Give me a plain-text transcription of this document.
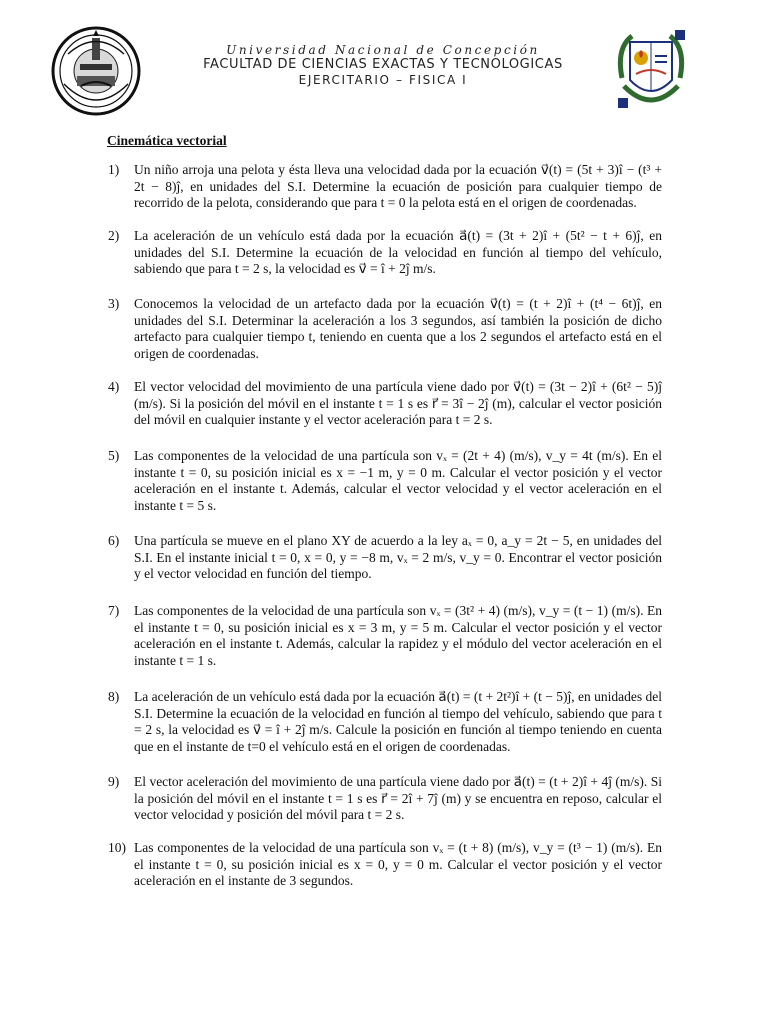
Universidad Nacional de Concepción
FACULTAD DE CIENCIAS EXACTAS Y TECNOLOGICAS
EJERCITARIO – FISICA I
Cinemática vectorial
1)	Un niño arroja una pelota y ésta lleva una velocidad dada por la ecuación v⃗(t) = (5t + 3)î − (t³ + 2t − 8)ĵ, en unidades del S.I. Determine la ecuación de posición para cualquier tiempo de recorrido de la pelota, considerando que para t = 0 la pelota está en el origen de coordenadas.
2)	La aceleración de un vehículo está dada por la ecuación a⃗(t) = (3t + 2)î + (5t² − t + 6)ĵ, en unidades del S.I. Determine la ecuación de la velocidad en función al tiempo del vehículo, sabiendo que para t = 2 s, la velocidad es v⃗ = î + 2ĵ m/s.
3)	Conocemos la velocidad de un artefacto dada por la ecuación v⃗(t) = (t + 2)î + (t⁴ − 6t)ĵ, en unidades del S.I. Determinar la aceleración a los 3 segundos, así también la posición de dicho artefacto para cualquier tiempo t, teniendo en cuenta que a los 2 segundos el artefacto está en el origen de coordenadas.
4)	El vector velocidad del movimiento de una partícula viene dado por v⃗(t) = (3t − 2)î + (6t² − 5)ĵ (m/s). Si la posición del móvil en el instante t = 1 s es r⃗ = 3î − 2ĵ (m), calcular el vector posición del móvil en cualquier instante y el vector aceleración para t = 2 s.
5)	Las componentes de la velocidad de una partícula son vₓ = (2t + 4) (m/s), v_y = 4t (m/s). En el instante t = 0, su posición inicial es x = −1 m, y = 0 m. Calcular el vector posición y el vector aceleración en el instante t. Además, calcular el vector velocidad y el vector aceleración en el instante t = 5 s.
6)	Una partícula se mueve en el plano XY de acuerdo a la ley aₓ = 0, a_y = 2t − 5, en unidades del S.I. En el instante inicial t = 0, x = 0, y = −8 m, vₓ = 2 m/s, v_y = 0. Encontrar el vector posición y el vector velocidad en función del tiempo.
7)	Las componentes de la velocidad de una partícula son vₓ = (3t² + 4) (m/s), v_y = (t − 1) (m/s). En el instante t = 0, su posición inicial es x = 3 m, y = 5 m. Calcular el vector posición y el vector aceleración en el instante t. Además, calcular la rapidez y el módulo del vector aceleración en el instante t = 1 s.
8)	La aceleración de un vehículo está dada por la ecuación a⃗(t) = (t + 2t²)î + (t − 5)ĵ, en unidades del S.I. Determine la ecuación de la velocidad en función al tiempo del vehículo, sabiendo que para t = 2 s, la velocidad es v⃗ = î + 2ĵ m/s. Calcule la posición en función al tiempo teniendo en cuenta que en el instante de t=0 el vehículo está en el origen de coordenadas.
9)	El vector aceleración del movimiento de una partícula viene dado por a⃗(t) = (t + 2)î + 4ĵ (m/s). Si la posición del móvil en el instante t = 1 s es r⃗ = 2î + 7ĵ (m) y se encuentra en reposo, calcular el vector velocidad y posición del móvil para t = 2 s.
10) Las componentes de la velocidad de una partícula son vₓ = (t + 8) (m/s), v_y = (t³ − 1) (m/s). En el instante t = 0, su posición inicial es x = 0, y = 0 m. Calcular el vector posición y el vector aceleración en el instante de 3 segundos.
